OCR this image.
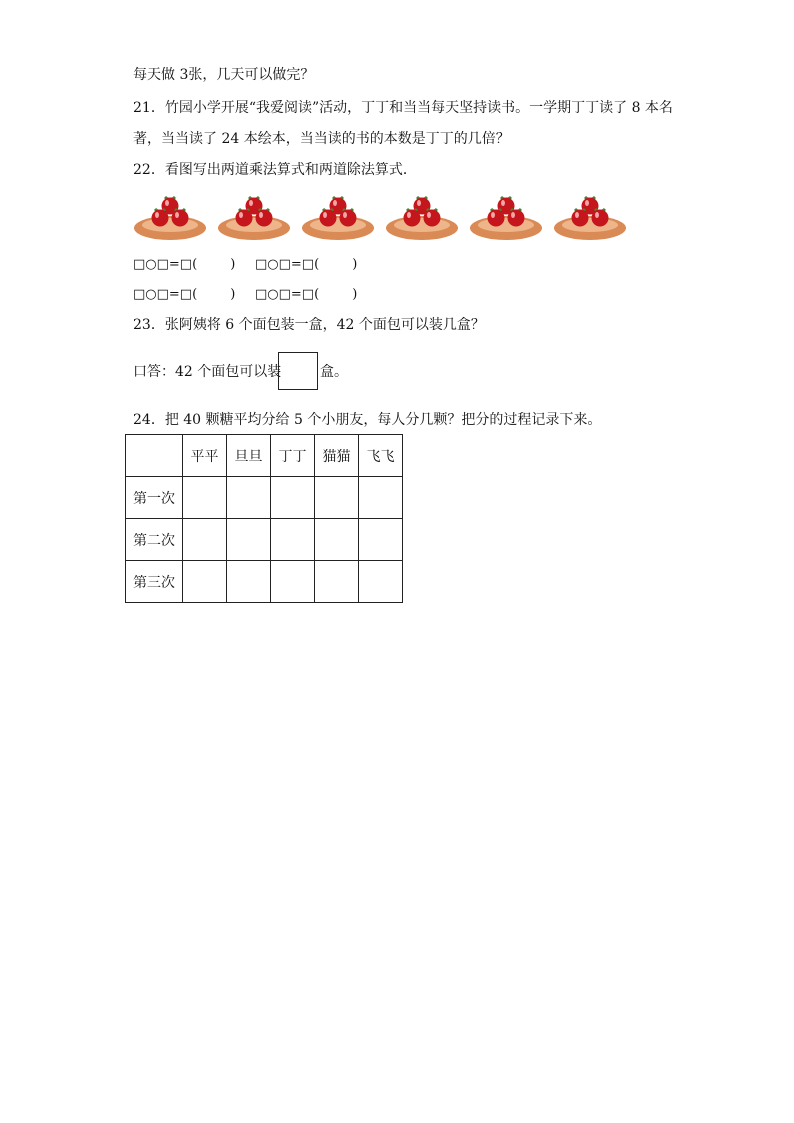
每天做 3张，几天可以做完？
21．竹园小学开展“我爱阅读”活动，丁丁和当当每天坚持读书。一学期丁丁读了 8 本名
著，当当读了 24 本绘本，当当读的书的本数是丁丁的几倍？
22．看图写出两道乘法算式和两道除法算式．
□○□=□(        ) □○□=□(        )
□○□=□(        ) □○□=□(        )
23．张阿姨将 6 个面包装一盒，42 个面包可以装几盒？
口答：42 个面包可以装	盒。
24．把 40 颗糖平均分给 5 个小朋友，每人分几颗？把分的过程记录下来。
	平平	旦旦	丁丁	猫猫	飞飞
第一次					
第二次					
第三次					
